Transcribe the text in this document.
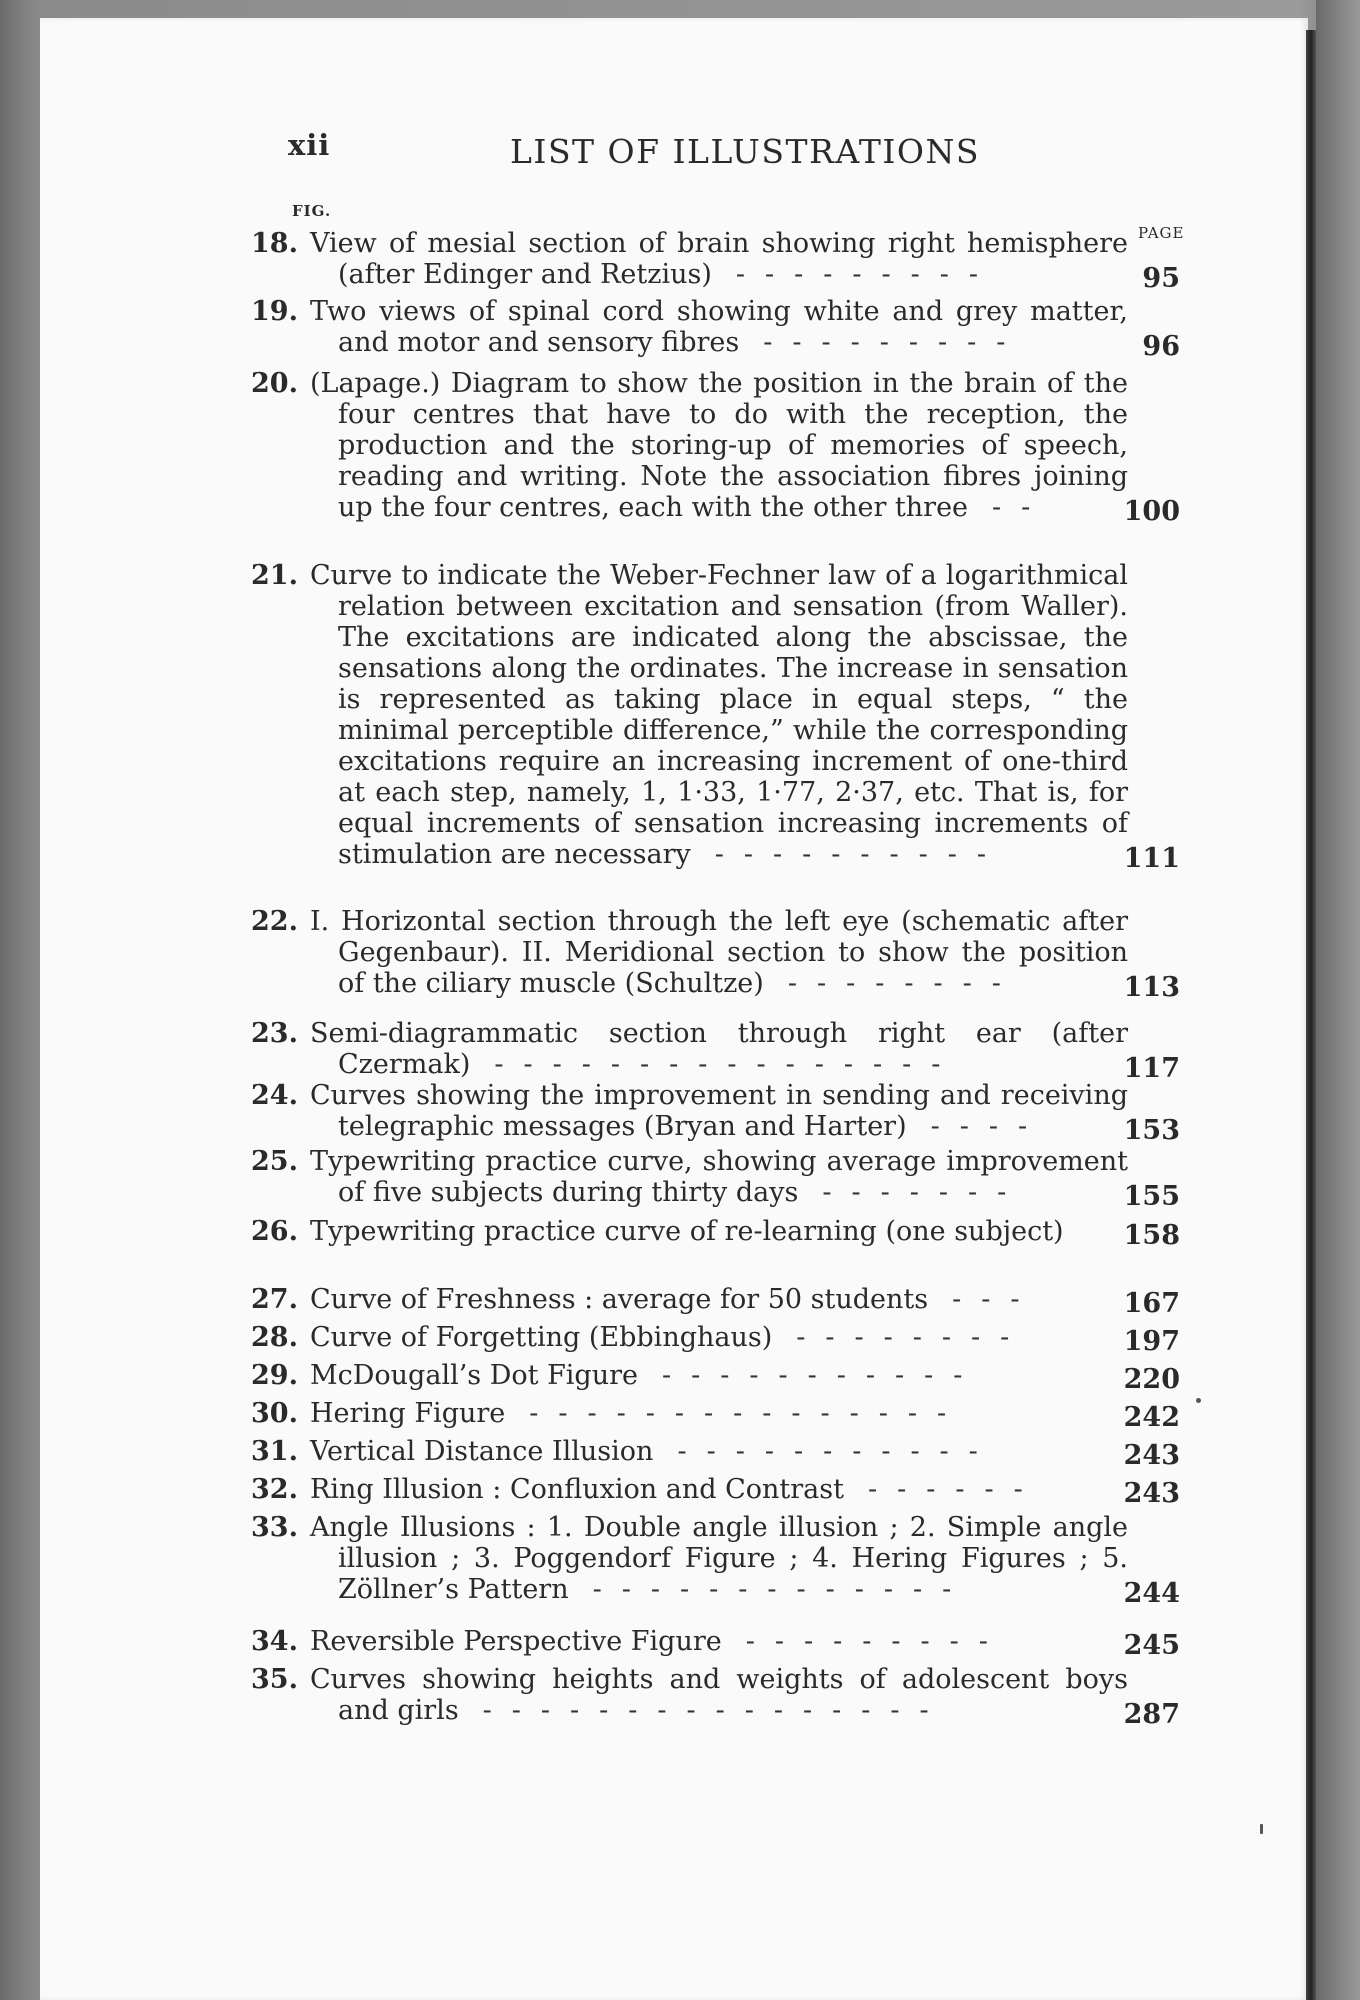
xii	LIST OF ILLUSTRATIONS
FIG.
PAGE
18. View of mesial section of brain showing right hemisphere (after Edinger and Retzius)	95
---------
19. Two views of spinal cord showing white and grey matter, and motor and sensory fibres	96
---------
20. (Lapage.) Diagram to show the position in the brain of the four centres that have to do with the reception, the production and the storing-up of memories of speech, reading and writing. Note the association fibres joining up the four centres, each with the other three	100
--
21. Curve to indicate the Weber-Fechner law of a logarithmical relation between excitation and sensation (from Waller). The excitations are indicated along the abscissae, the sensations along the ordinates. The increase in sensation is represented as taking place in equal steps, “ the minimal perceptible difference,” while the corresponding excitations require an increasing increment of one-third at each step, namely, 1, 1·33, 1·77, 2·37, etc. That is, for equal increments of sensation increasing increments of stimulation are necessary	111
----------
22. I. Horizontal section through the left eye (schematic after Gegenbaur). II. Meridional section to show the position of the ciliary muscle (Schultze)	113
--------
23. Semi-diagrammatic section through right ear (after Czermak)	117
----------------
24. Curves showing the improvement in sending and receiving telegraphic messages (Bryan and Harter)	153
----
25. Typewriting practice curve, showing average improvement of five subjects during thirty days	155
-------
26. Typewriting practice curve of re-learning (one subject)	158
27. Curve of Freshness : average for 50 students	167
---
28. Curve of Forgetting (Ebbinghaus)	197
--------
29. McDougall’s Dot Figure	220
-----------
30. Hering Figure	242
---------------
31. Vertical Distance Illusion	243
-----------
32. Ring Illusion : Confluxion and Contrast	243
------
33. Angle Illusions : 1. Double angle illusion ; 2. Simple angle illusion ; 3. Poggendorf Figure ; 4. Hering Figures ; 5. Zöllner’s Pattern	244
-------------
34. Reversible Perspective Figure	245
---------
35. Curves showing heights and weights of adolescent boys and girls	287
----------------
